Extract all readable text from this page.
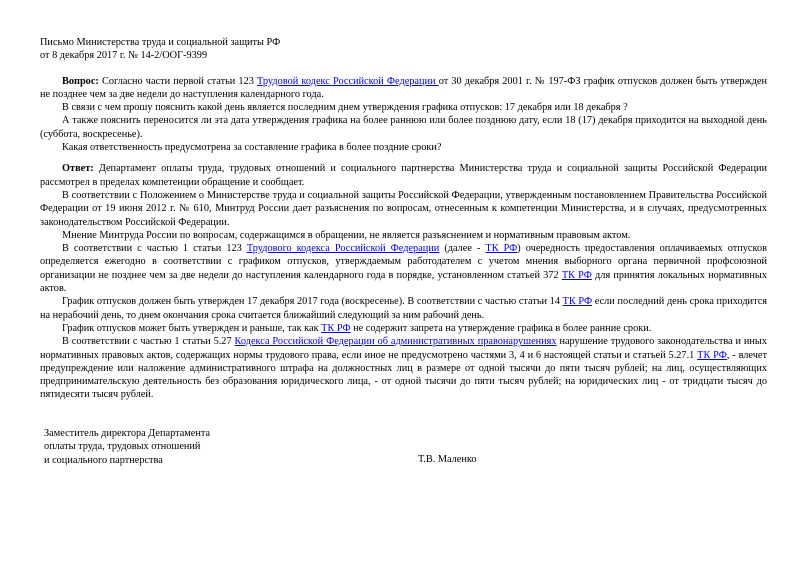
Письмо Министерства труда и социальной защиты РФ
от 8 декабря 2017 г. № 14-2/ООГ-9399

Вопрос: Согласно части первой статьи 123 Трудовой кодекс Российской Федерации от 30 декабря 2001 г. № 197-ФЗ график отпусков должен быть утвержден не позднее чем за две недели до наступления календарного года.

В связи с чем прошу пояснить какой день является последним днем утверждения графика отпусков: 17 декабря или 18 декабря ?

А также пояснить переносится ли эта дата утверждения графика на более раннюю или более позднюю дату, если 18 (17) декабря приходится на выходной день (суббота, воскресенье).

Какая ответственность предусмотрена за составление графика в более поздние сроки?

Ответ: Департамент оплаты труда, трудовых отношений и социального партнерства Министерства труда и социальной защиты Российской Федерации рассмотрел в пределах компетенции обращение и сообщает.

В соответствии с Положением о Министерстве труда и социальной защиты Российской Федерации, утвержденным постановлением Правительства Российской Федерации от 19 июня 2012 г. № 610, Минтруд России дает разъяснения по вопросам, отнесенным к компетенции Министерства, и в случаях, предусмотренных законодательством Российской Федерации.

Мнение Минтруда России по вопросам, содержащимся в обращении, не является разъяснением и нормативным правовым актом.

В соответствии с частью 1 статьи 123 Трудового кодекса Российской Федерации (далее - ТК РФ) очередность предоставления оплачиваемых отпусков определяется ежегодно в соответствии с графиком отпусков, утверждаемым работодателем с учетом мнения выборного органа первичной профсоюзной организации не позднее чем за две недели до наступления календарного года в порядке, установленном статьей 372 ТК РФ для принятия локальных нормативных актов.

График отпусков должен быть утвержден 17 декабря 2017 года (воскресенье). В соответствии с частью статьи 14 ТК РФ если последний день срока приходится на нерабочий день, то днем окончания срока считается ближайший следующий за ним рабочий день.

График отпусков может быть утвержден и раньше, так как ТК РФ не содержит запрета на утверждение графика в более ранние сроки.

В соответствии с частью 1 статьи 5.27 Кодекса Российской Федерации об административных правонарушениях нарушение трудового законодательства и иных нормативных правовых актов, содержащих нормы трудового права, если иное не предусмотрено частями 3, 4 и 6 настоящей статьи и статьей 5.27.1 ТК РФ, - влечет предупреждение или наложение административного штрафа на должностных лиц в размере от одной тысячи до пяти тысяч рублей; на лиц, осуществляющих предпринимательскую деятельность без образования юридического лица, - от одной тысячи до пяти тысяч рублей; на юридических лиц - от тридцати тысяч до пятидесяти тысяч рублей.

Заместитель директора Департамента
оплаты труда, трудовых отношений
и социального партнерства	Т.В. Маленко
